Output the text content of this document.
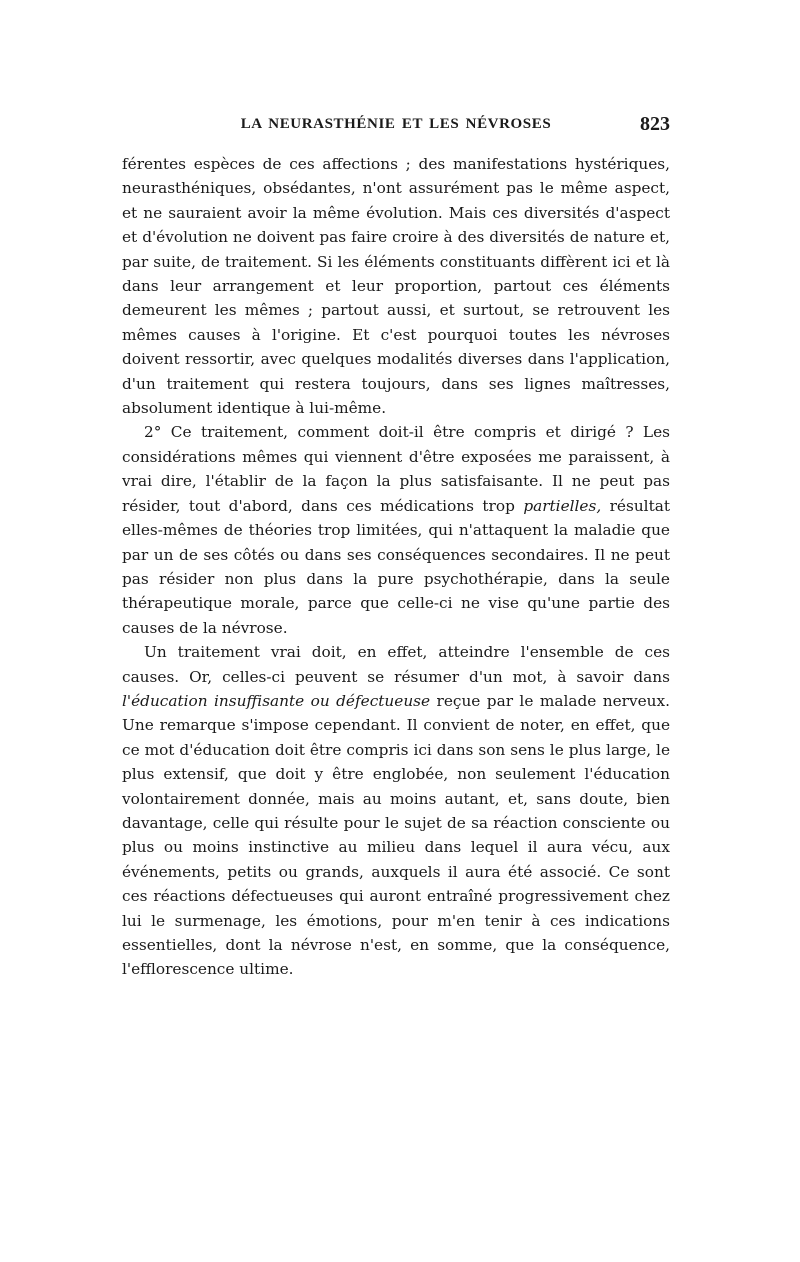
LA NEURASTHÉNIE ET LES NÉVROSES	823

férentes espèces de ces affections ; des manifestations hystériques, neurasthéniques, obsédantes, n'ont assurément pas le même aspect, et ne sauraient avoir la même évolution. Mais ces diversités d'aspect et d'évolution ne doivent pas faire croire à des diversités de nature et, par suite, de traitement. Si les éléments constituants diffèrent ici et là dans leur arrangement et leur proportion, partout ces éléments demeurent les mêmes ; partout aussi, et surtout, se retrouvent les mêmes causes à l'origine. Et c'est pourquoi toutes les névroses doivent ressortir, avec quelques modalités diverses dans l'application, d'un traitement qui restera toujours, dans ses lignes maîtresses, absolument identique à lui-même.

2° Ce traitement, comment doit-il être compris et dirigé ? Les considérations mêmes qui viennent d'être exposées me paraissent, à vrai dire, l'établir de la façon la plus satisfaisante. Il ne peut pas résider, tout d'abord, dans ces médications trop partielles, résultat elles-mêmes de théories trop limitées, qui n'attaquent la maladie que par un de ses côtés ou dans ses conséquences secondaires. Il ne peut pas résider non plus dans la pure psychothérapie, dans la seule thérapeutique morale, parce que celle-ci ne vise qu'une partie des causes de la névrose.

Un traitement vrai doit, en effet, atteindre l'ensemble de ces causes. Or, celles-ci peuvent se résumer d'un mot, à savoir dans l'éducation insuffisante ou défectueuse reçue par le malade nerveux. Une remarque s'impose cependant. Il convient de noter, en effet, que ce mot d'éducation doit être compris ici dans son sens le plus large, le plus extensif, que doit y être englobée, non seulement l'éducation volontairement donnée, mais au moins autant, et, sans doute, bien davantage, celle qui résulte pour le sujet de sa réaction consciente ou plus ou moins instinctive au milieu dans lequel il aura vécu, aux événements, petits ou grands, auxquels il aura été associé. Ce sont ces réactions défectueuses qui auront entraîné progressivement chez lui le surmenage, les émotions, pour m'en tenir à ces indications essentielles, dont la névrose n'est, en somme, que la conséquence, l'efflorescence ultime.
